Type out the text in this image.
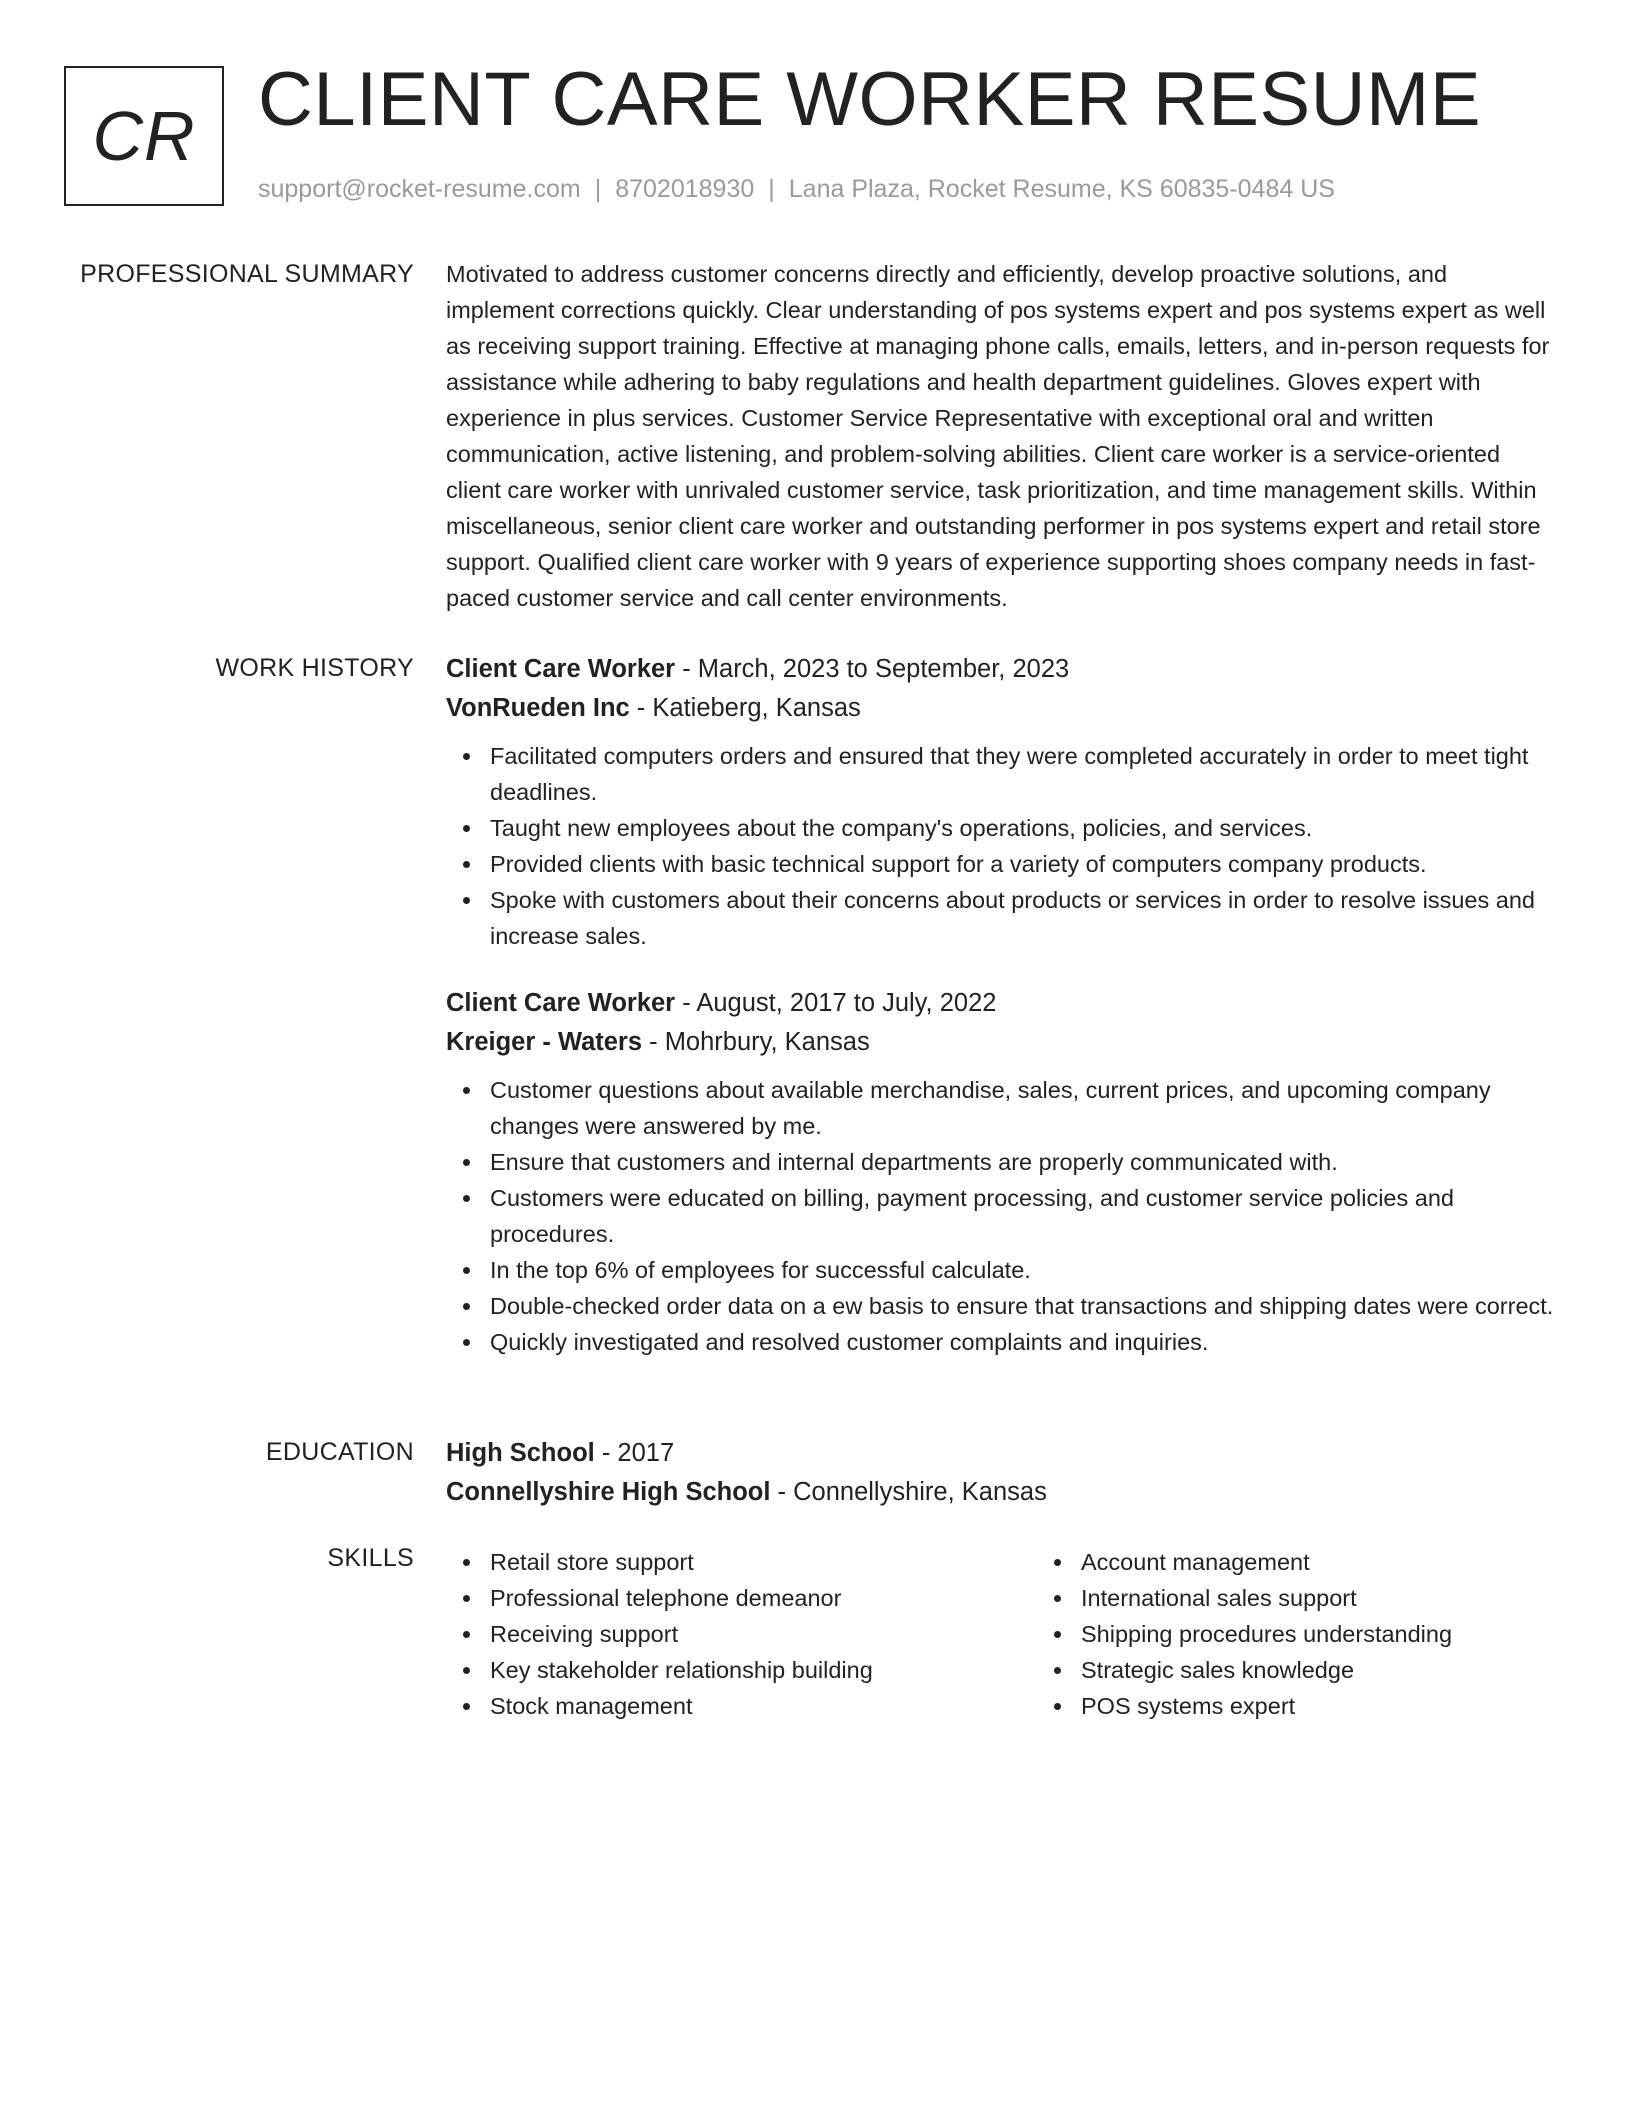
CR CLIENT CARE WORKER RESUME
support@rocket-resume.com | 8702018930 | Lana Plaza, Rocket Resume, KS 60835-0484 US
PROFESSIONAL SUMMARY Motivated to address customer concerns directly and efficiently, develop proactive solutions, and implement corrections quickly. Clear understanding of pos systems expert and pos systems expert as well as receiving support training. Effective at managing phone calls, emails, letters, and in-person requests for assistance while adhering to baby regulations and health department guidelines. Gloves expert with experience in plus services. Customer Service Representative with exceptional oral and written communication, active listening, and problem-solving abilities. Client care worker is a service-oriented client care worker with unrivaled customer service, task prioritization, and time management skills. Within miscellaneous, senior client care worker and outstanding performer in pos systems expert and retail store support. Qualified client care worker with 9 years of experience supporting shoes company needs in fast-paced customer service and call center environments.
WORK HISTORY Client Care Worker - March, 2023 to September, 2023
VonRueden Inc - Katieberg, Kansas
Facilitated computers orders and ensured that they were completed accurately in order to meet tight deadlines.
Taught new employees about the company's operations, policies, and services.
Provided clients with basic technical support for a variety of computers company products.
Spoke with customers about their concerns about products or services in order to resolve issues and increase sales.
Client Care Worker - August, 2017 to July, 2022
Kreiger - Waters - Mohrbury, Kansas
Customer questions about available merchandise, sales, current prices, and upcoming company changes were answered by me.
Ensure that customers and internal departments are properly communicated with.
Customers were educated on billing, payment processing, and customer service policies and procedures.
In the top 6% of employees for successful calculate.
Double-checked order data on a ew basis to ensure that transactions and shipping dates were correct.
Quickly investigated and resolved customer complaints and inquiries.
EDUCATION High School - 2017
Connellyshire High School - Connellyshire, Kansas
SKILLS	Retail store support
Professional telephone demeanor
Receiving support
Key stakeholder relationship building
Stock management
Account management
International sales support
Shipping procedures understanding
Strategic sales knowledge
POS systems expert
